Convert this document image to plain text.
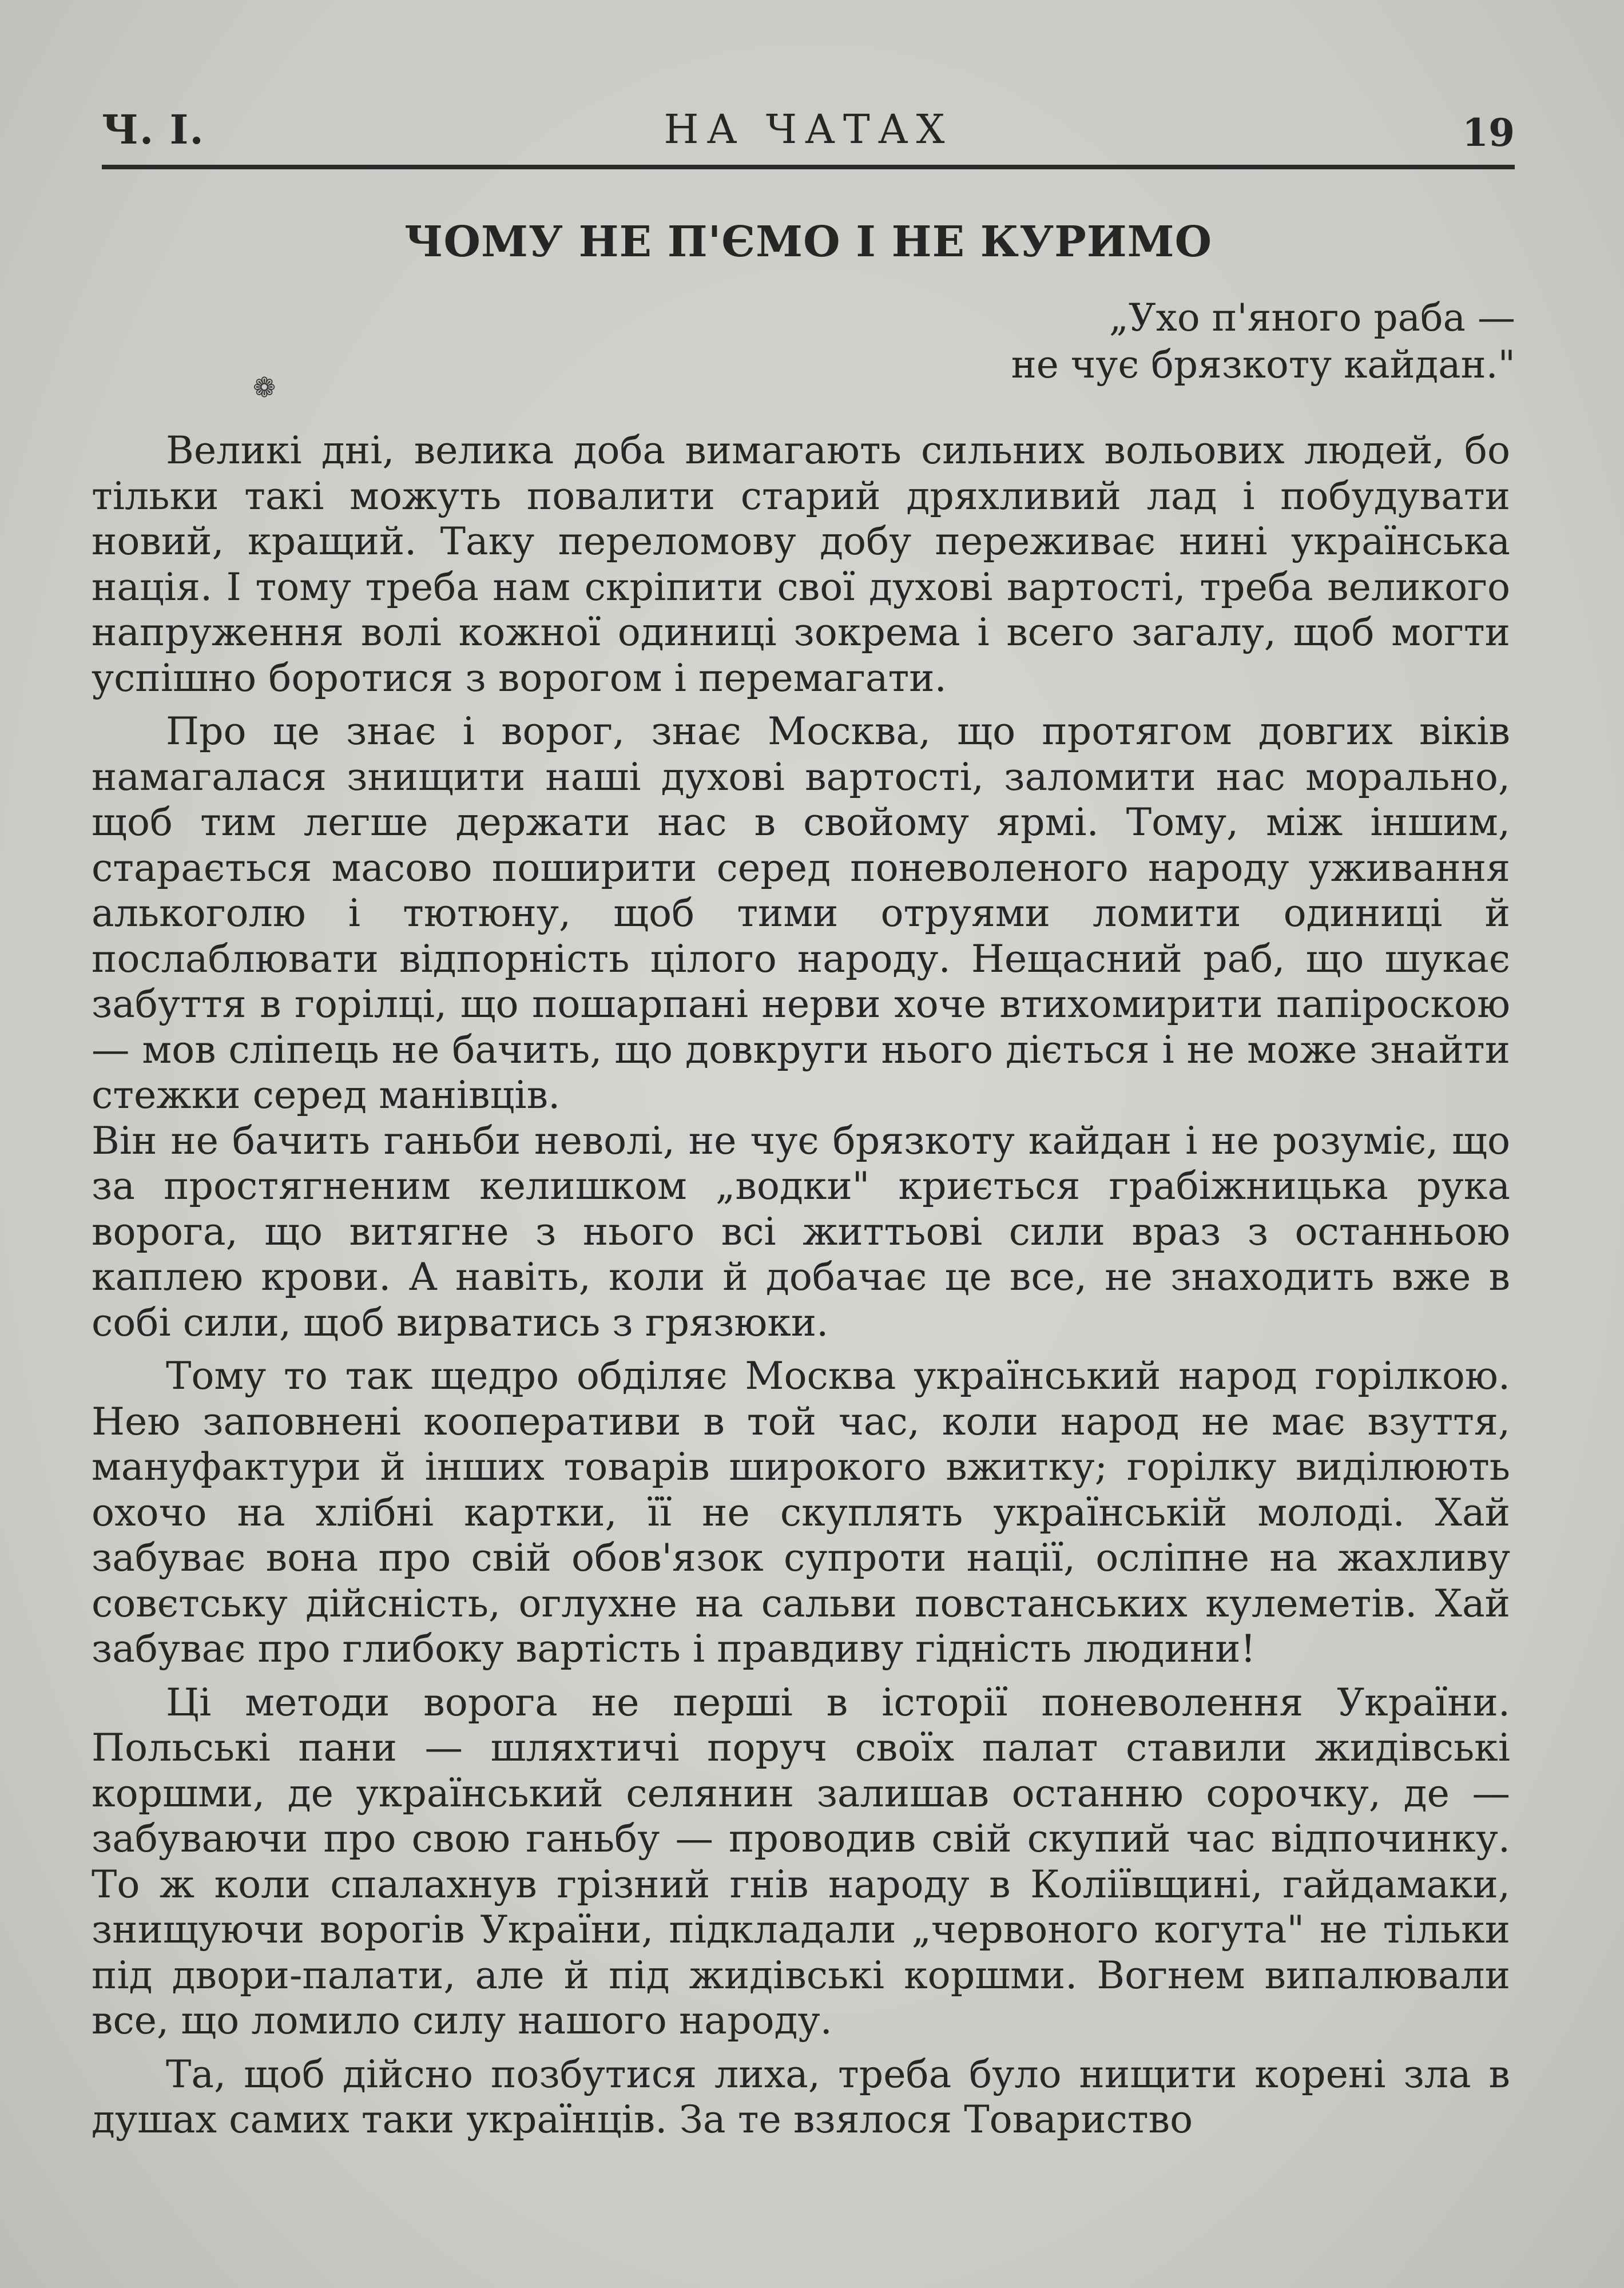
Ч. І.	НА ЧАТАХ	19
ЧОМУ НЕ П'ЄМО І НЕ КУРИМО
„Ухо п'яного раба —
не чує брязкоту кайдан."
❁

Великі дні, велика доба вимагають сильних вольових людей, бо тільки такі можуть повалити старий дряхливий лад і побудувати новий, кращий. Таку переломову добу переживає нині українська нація. І тому треба нам скріпити свої духові вартості, треба великого напруження волі кожної одиниці зокрема і всего загалу, щоб могти успішно боротися з ворогом і перемагати.

Про це знає і ворог, знає Москва, що протягом довгих віків намагалася знищити наші духові вартості, заломити нас морально, щоб тим легше держати нас в свойому ярмі. Тому, між іншим, старається масово поширити серед поневоленого народу уживання алькоголю і тютюну, щоб тими отруями ломити одиниці й послаблювати відпорність цілого народу. Нещасний раб, що шукає забуття в горілці, що пошарпані нерви хоче втихомирити папіроскою — мов сліпець не бачить, що довкруги нього діється і не може знайти стежки серед манівців.

Він не бачить ганьби неволі, не чує брязкоту кайдан і не розуміє, що за простягненим келишком „водки" криється грабіжницька рука ворога, що витягне з нього всі життьові сили враз з останньою каплею крови. А навіть, коли й добачає це все, не знаходить вже в собі сили, щоб вирватись з грязюки.

Тому то так щедро обділяє Москва український народ горілкою. Нею заповнені кооперативи в той час, коли народ не має взуття, мануфактури й інших товарів широкого вжитку; горілку виділюють охочо на хлібні картки, її не скуплять українській молоді. Хай забуває вона про свій обов'язок супроти нації, осліпне на жахливу совєтську дійсність, оглухне на сальви повстанських кулеметів. Хай забуває про глибоку вартість і правдиву гідність людини!

Ці методи ворога не перші в історії поневолення України. Польські пани — шляхтичі поруч своїх палат ставили жидівські коршми, де український селянин залишав останню сорочку, де — забуваючи про свою ганьбу — проводив свій скупий час відпочинку. То ж коли спалахнув грізний гнів народу в Коліївщині, гайдамаки, знищуючи ворогів України, підкладали „червоного когута" не тільки під двори-палати, але й під жидівські коршми. Вогнем випалювали все, що ломило силу нашого народу.

Та, щоб дійсно позбутися лиха, треба було нищити корені зла в душах самих таки українців. За те взялося Товариство
